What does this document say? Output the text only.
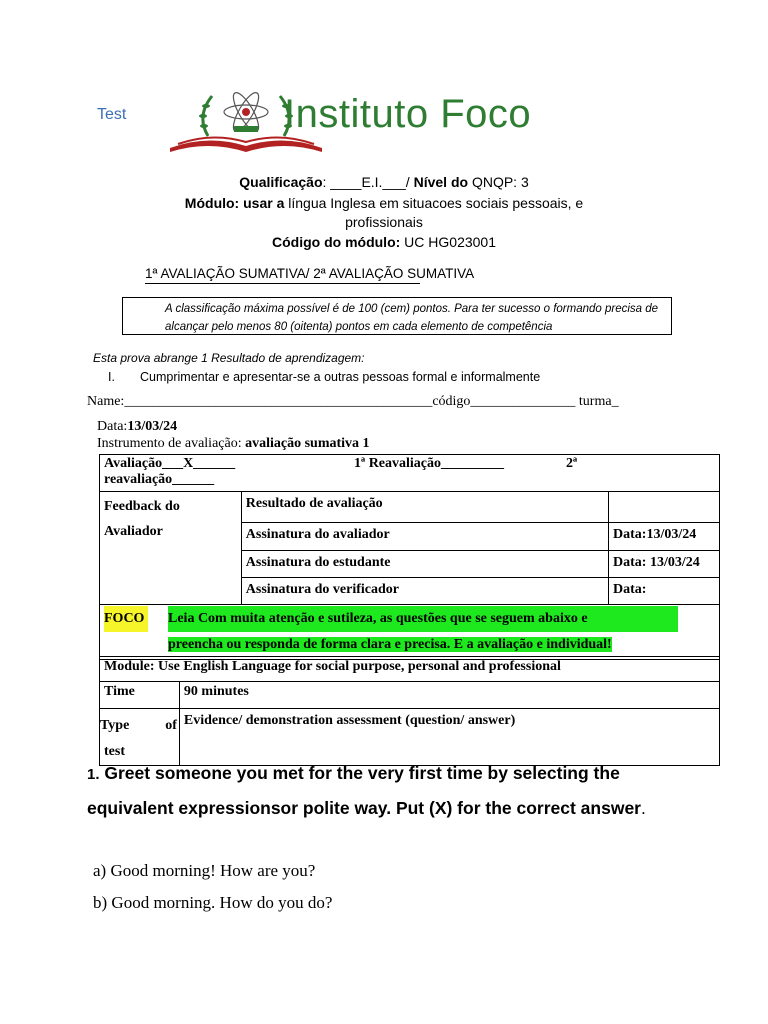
Test	Instituto Foco
Qualificação: ____E.I.___/ Nível do QNQP: 3
Módulo: usar a língua Inglesa em situacoes sociais pessoais, e
profissionais
Código do módulo: UC HG023001
1ª AVALIAÇÃO SUMATIVA/ 2ª AVALIAÇÃO SUMATIVA
A classificação máxima possível é de 100 (cem) pontos. Para ter sucesso o formando precisa de
alcançar pelo menos 80 (oitenta) pontos em cada elemento de competência
Esta prova abrange 1 Resultado de aprendizagem:
I. Cumprimentar e apresentar-se a outras pessoas formal e informalmente
Name:____________________________________________código_______________ turma_
Data:13/03/24
Instrumento de avaliação: avaliação sumativa 1
Avaliação___X______ 1ª Reavaliação_________ 2ª
reavaliação______		

Feedback do
Avaliador	Resultado de avaliação	
	Assinatura do avaliador	Data:13/03/24
	Assinatura do estudante	Data: 13/03/24
	Assinatura do verificador	Data:

FOCO Leia Com muita atenção e sutileza, as questões que se seguem abaixo e
preencha ou responda de forma clara e precisa. E a avaliação e individual!		
Module: Use English Language for social purpose, personal and professional	
Time	90 minutes

Type of
test	Evidence/ demonstration assessment (question/ answer)
1. Greet someone you met for the very first time by selecting the equivalent expressionsor polite way. Put (X) for the correct answer.
a) Good morning! How are you?
b) Good morning. How do you do?
